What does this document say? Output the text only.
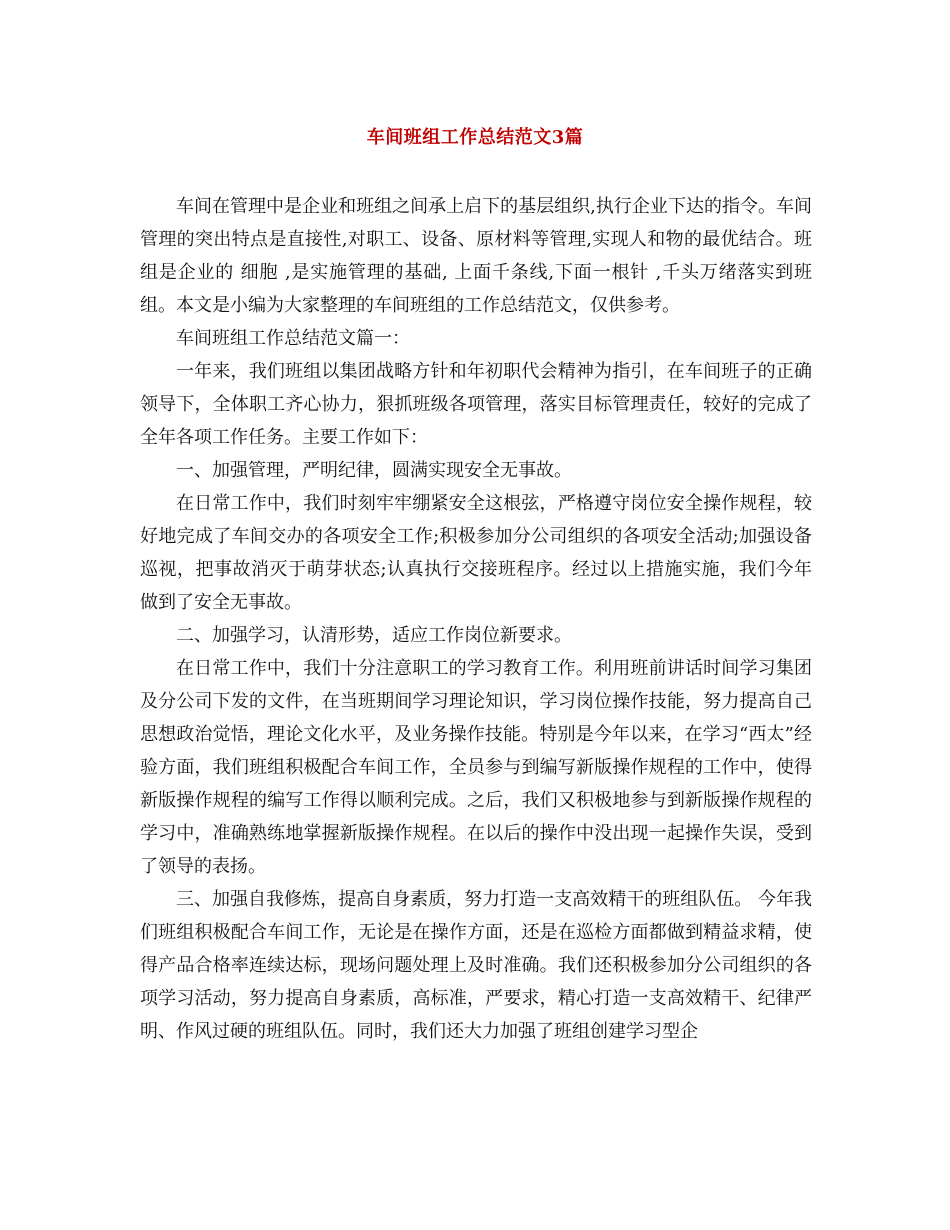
车间班组工作总结范文3篇

车间在管理中是企业和班组之间承上启下的基层组织,执行企业下达的指令。车间管理的突出特点是直接性,对职工、设备、原材料等管理,实现人和物的最优结合。班组是企业的 细胞 ,是实施管理的基础, 上面千条线,下面一根针 ,千头万绪落实到班组。本文是小编为大家整理的车间班组的工作总结范文，仅供参考。

车间班组工作总结范文篇一：

一年来，我们班组以集团战略方针和年初职代会精神为指引，在车间班子的正确领导下，全体职工齐心协力，狠抓班级各项管理，落实目标管理责任，较好的完成了全年各项工作任务。主要工作如下：

一、加强管理，严明纪律，圆满实现安全无事故。

在日常工作中，我们时刻牢牢绷紧安全这根弦，严格遵守岗位安全操作规程，较好地完成了车间交办的各项安全工作;积极参加分公司组织的各项安全活动;加强设备巡视，把事故消灭于萌芽状态;认真执行交接班程序。经过以上措施实施，我们今年做到了安全无事故。

二、加强学习，认清形势，适应工作岗位新要求。

在日常工作中，我们十分注意职工的学习教育工作。利用班前讲话时间学习集团及分公司下发的文件，在当班期间学习理论知识，学习岗位操作技能，努力提高自己思想政治觉悟，理论文化水平，及业务操作技能。特别是今年以来，在学习“西太”经验方面，我们班组积极配合车间工作，全员参与到编写新版操作规程的工作中，使得新版操作规程的编写工作得以顺利完成。之后，我们又积极地参与到新版操作规程的学习中，准确熟练地掌握新版操作规程。在以后的操作中没出现一起操作失误，受到了领导的表扬。

三、加强自我修炼，提高自身素质，努力打造一支高效精干的班组队伍。 今年我们班组积极配合车间工作，无论是在操作方面，还是在巡检方面都做到精益求精，使得产品合格率连续达标，现场问题处理上及时准确。我们还积极参加分公司组织的各项学习活动，努力提高自身素质，高标准，严要求，精心打造一支高效精干、纪律严明、作风过硬的班组队伍。同时，我们还大力加强了班组创建学习型企
